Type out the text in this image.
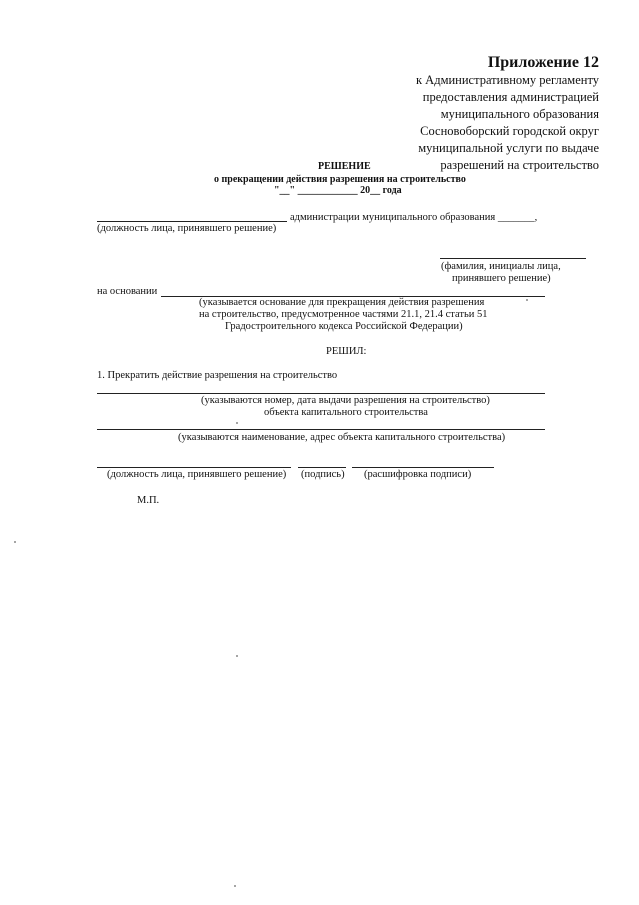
Приложение 12
к Административному регламенту
предоставления администрацией
муниципального образования
Сосновоборский городской округ
муниципальной услуги по выдаче
разрешений на строительство
РЕШЕНИЕ
о прекращении действия разрешения на строительство
"__" ____________ 20__ года
администрации муниципального образования _______,
(должность лица, принявшего решение)
(фамилия, инициалы лица,
принявшего решение)
на основании
(указывается основание для прекращения действия разрешения
на строительство, предусмотренное частями 21.1, 21.4 статьи 51
Градостроительного кодекса Российской Федерации)
РЕШИЛ:
1. Прекратить действие разрешения на строительство
(указываются номер, дата выдачи разрешения на строительство)
объекта капитального строительства
(указываются наименование, адрес объекта капитального строительства)
(должность лица, принявшего решение) (подпись) (расшифровка подписи)
М.П.
